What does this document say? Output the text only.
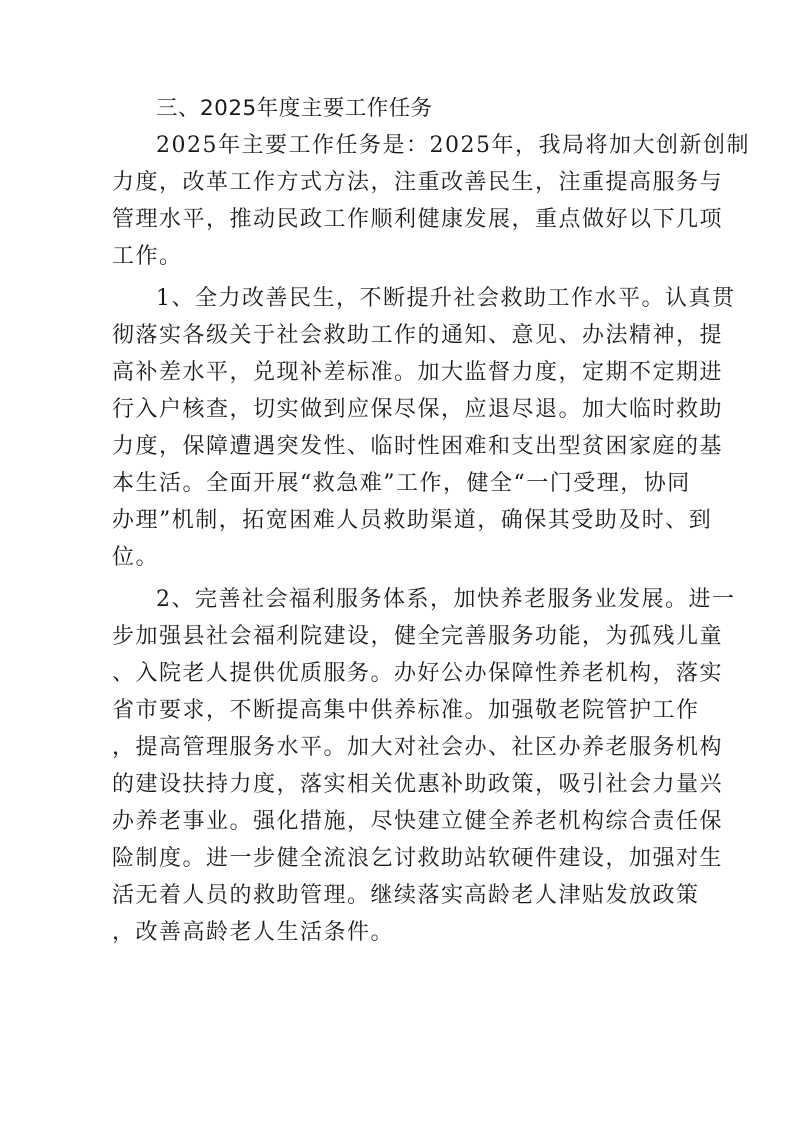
三、2025年度主要工作任务
2025年主要工作任务是：2025年，我局将加大创新创制
力度，改革工作方式方法，注重改善民生，注重提高服务与
管理水平，推动民政工作顺利健康发展，重点做好以下几项
工作。
1、全力改善民生，不断提升社会救助工作水平。认真贯
彻落实各级关于社会救助工作的通知、意见、办法精神，提
高补差水平，兑现补差标准。加大监督力度，定期不定期进
行入户核查，切实做到应保尽保，应退尽退。加大临时救助
力度，保障遭遇突发性、临时性困难和支出型贫困家庭的基
本生活。全面开展“救急难”工作，健全“一门受理，协同
办理”机制，拓宽困难人员救助渠道，确保其受助及时、到
位。
2、完善社会福利服务体系，加快养老服务业发展。进一
步加强县社会福利院建设，健全完善服务功能，为孤残儿童
、入院老人提供优质服务。办好公办保障性养老机构，落实
省市要求，不断提高集中供养标准。加强敬老院管护工作
，提高管理服务水平。加大对社会办、社区办养老服务机构
的建设扶持力度，落实相关优惠补助政策，吸引社会力量兴
办养老事业。强化措施，尽快建立健全养老机构综合责任保
险制度。进一步健全流浪乞讨救助站软硬件建设，加强对生
活无着人员的救助管理。继续落实高龄老人津贴发放政策
，改善高龄老人生活条件。
